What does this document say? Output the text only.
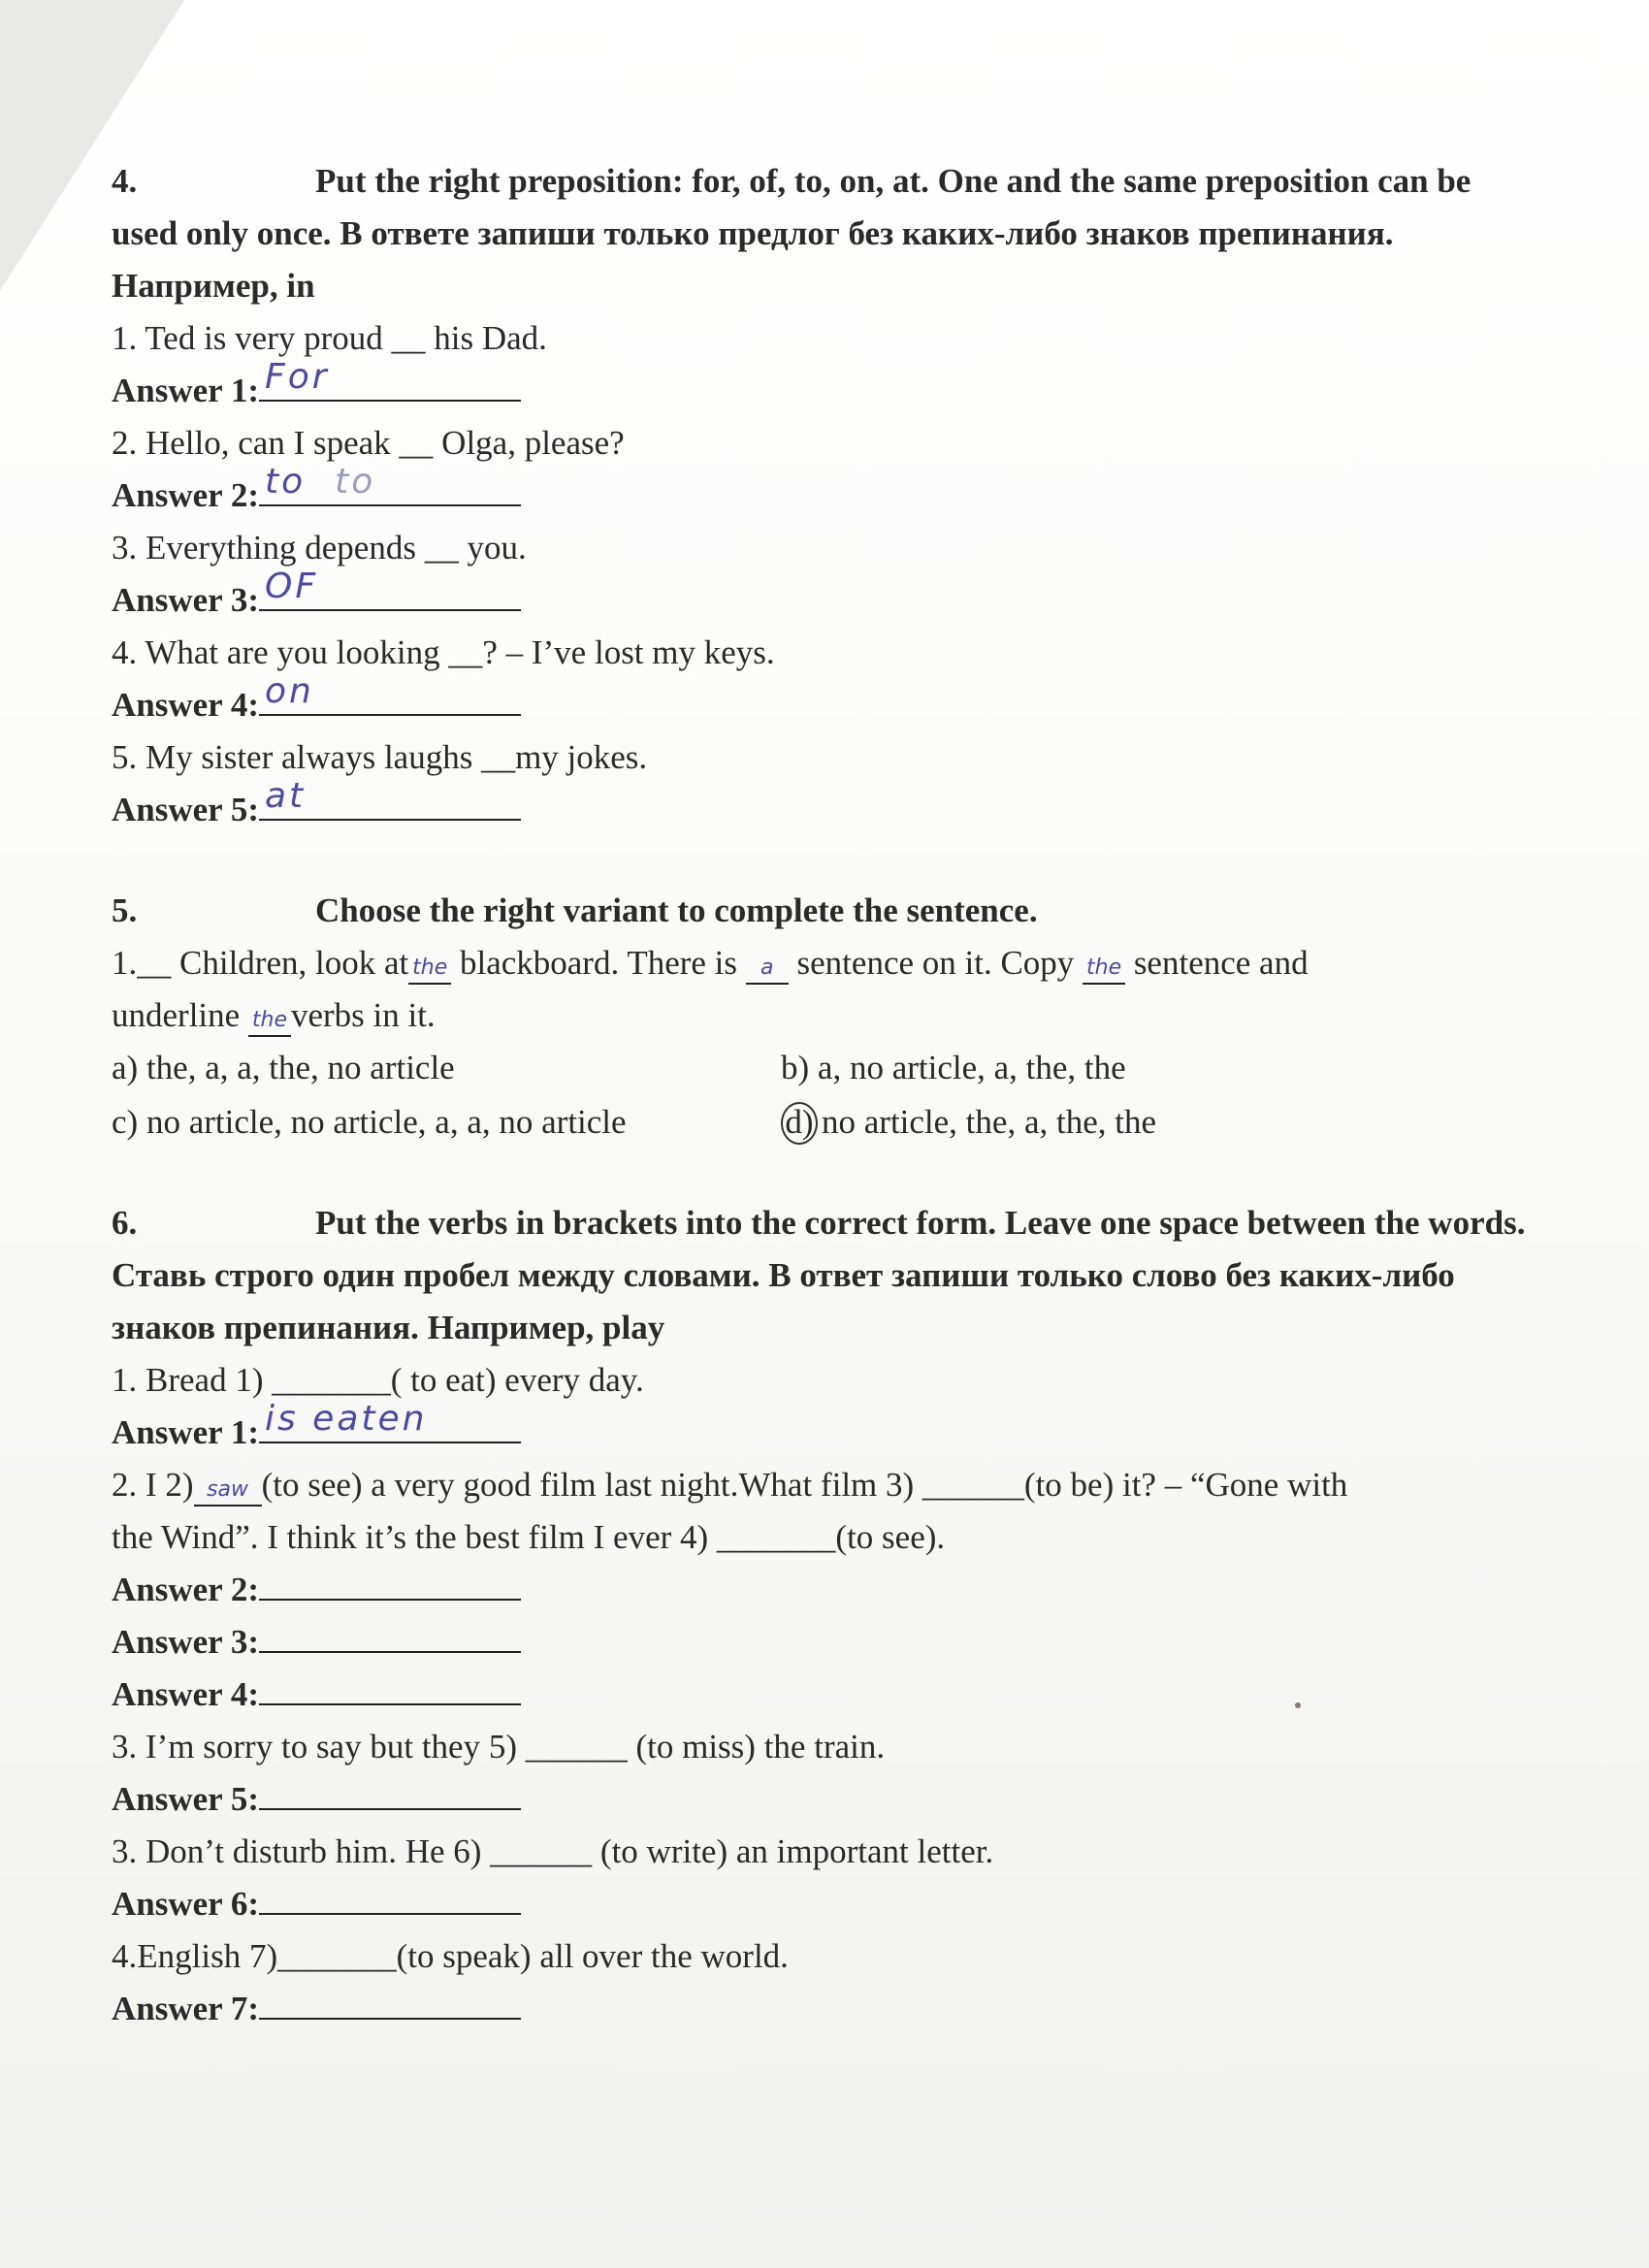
4.	Put the right preposition: for, of, to, on, at. One and the same preposition can be used only once. В ответе запиши только предлог без каких-либо знаков препинания. Например, in
1. Ted is very proud __ his Dad.
Answer 1: For
2. Hello, can I speak __ Olga, please?
Answer 2: to to
3. Everything depends __ you.
Answer 3: OF
4. What are you looking __? – I’ve lost my keys.
Answer 4: on
5. My sister always laughs __my jokes.
Answer 5: at
5.	Choose the right variant to complete the sentence.
1.__ Children, look at the blackboard. There is a sentence on it. Copy the sentence and
underline the verbs in it.
a) the, a, a, the, no article	b) a, no article, a, the, the
c) no article, no article, a, a, no article	d) no article, the, a, the, the
6.	Put the verbs in brackets into the correct form. Leave one space between the words. Ставь строго один пробел между словами. В ответ запиши только слово без каких-либо знаков препинания. Например, play
1. Bread 1) _______( to eat) every day.
Answer 1: is eaten
2. I 2) saw (to see) a very good film last night.What film 3) ______(to be) it? – “Gone with
the Wind”. I think it’s the best film I ever 4) _______(to see).
Answer 2:
Answer 3:
Answer 4:
3. I’m sorry to say but they 5) ______ (to miss) the train.
Answer 5:
3. Don’t disturb him. He 6) ______ (to write) an important letter.
Answer 6:
4.English 7)_______(to speak) all over the world.
Answer 7:
